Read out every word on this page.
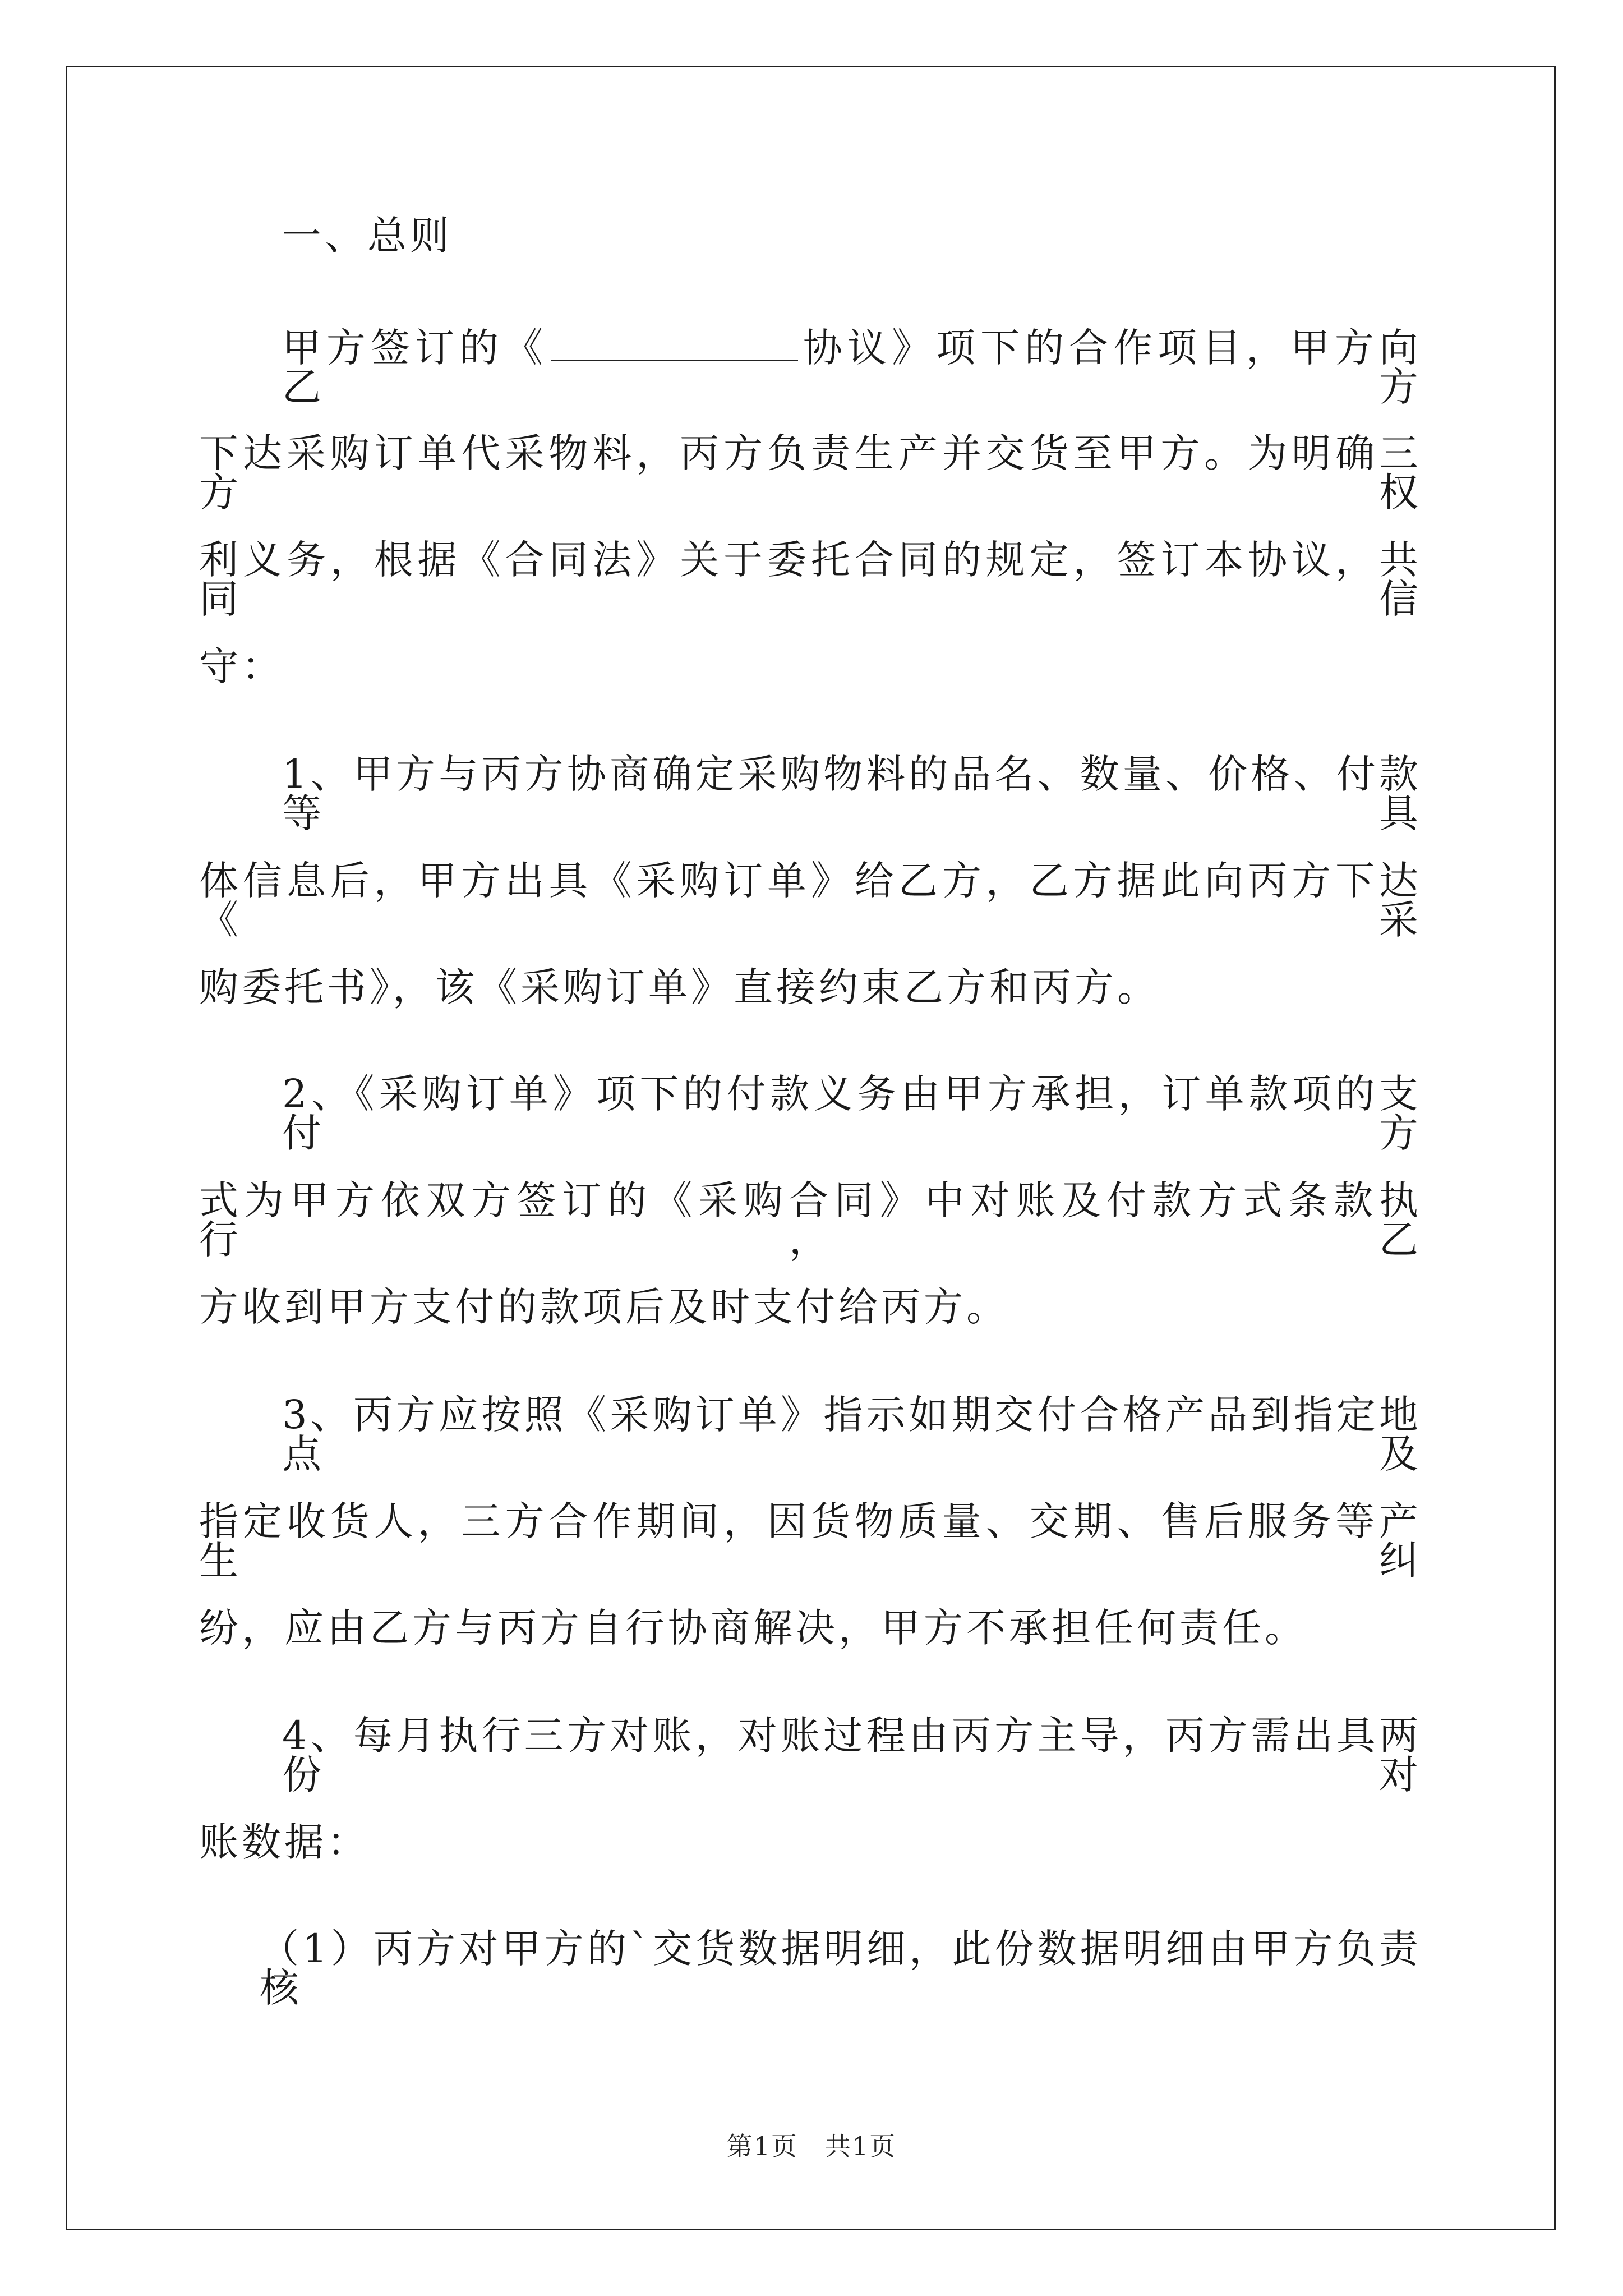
一、总则
甲方签订的《	协议》项下的合作项目，甲方向乙方
下达采购订单代采物料，丙方负责生产并交货至甲方。为明确三方权
利义务，根据《合同法》关于委托合同的规定，签订本协议，共同信
守：
1、甲方与丙方协商确定采购物料的品名、数量、价格、付款等具
体信息后，甲方出具《采购订单》给乙方，乙方据此向丙方下达《采
购委托书》，该《采购订单》直接约束乙方和丙方。
2、《采购订单》项下的付款义务由甲方承担，订单款项的支付方
式为甲方依双方签订的《采购合同》中对账及付款方式条款执行，乙
方收到甲方支付的款项后及时支付给丙方。
3、丙方应按照《采购订单》指示如期交付合格产品到指定地点及
指定收货人，三方合作期间，因货物质量、交期、售后服务等产生纠
纷，应由乙方与丙方自行协商解决，甲方不承担任何责任。
4、每月执行三方对账，对账过程由丙方主导，丙方需出具两份对
账数据：
（1）丙方对甲方的`交货数据明细，此份数据明细由甲方负责核
第1页　共1页
